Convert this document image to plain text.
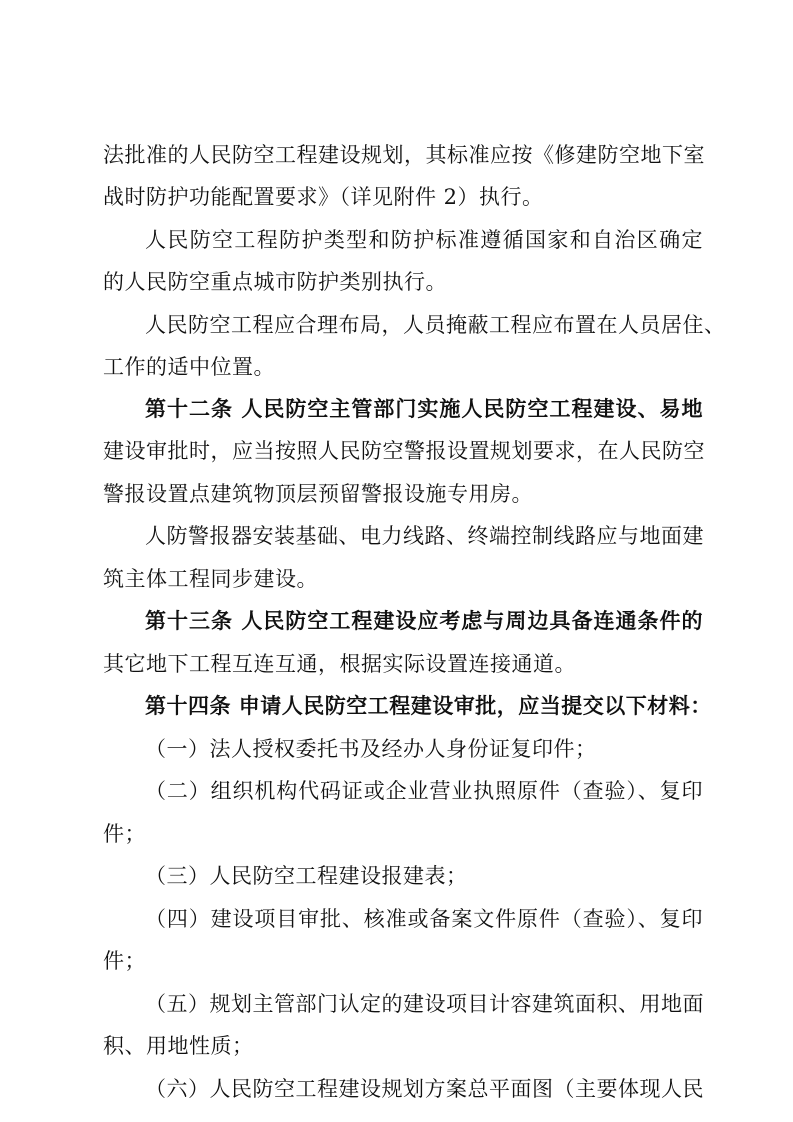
法批准的人民防空工程建设规划，其标准应按《修建防空地下室
战时防护功能配置要求》（详见附件 2）执行。
人民防空工程防护类型和防护标准遵循国家和自治区确定
的人民防空重点城市防护类别执行。
人民防空工程应合理布局，人员掩蔽工程应布置在人员居住、
工作的适中位置。
第十二条 人民防空主管部门实施人民防空工程建设、易地
建设审批时，应当按照人民防空警报设置规划要求，在人民防空
警报设置点建筑物顶层预留警报设施专用房。
人防警报器安装基础、电力线路、终端控制线路应与地面建
筑主体工程同步建设。
第十三条 人民防空工程建设应考虑与周边具备连通条件的
其它地下工程互连互通，根据实际设置连接通道。
第十四条 申请人民防空工程建设审批，应当提交以下材料：
（一）法人授权委托书及经办人身份证复印件；
（二）组织机构代码证或企业营业执照原件（查验）、复印
件；
（三）人民防空工程建设报建表；
（四）建设项目审批、核准或备案文件原件（查验）、复印
件；
（五）规划主管部门认定的建设项目计容建筑面积、用地面
积、用地性质；
（六）人民防空工程建设规划方案总平面图（主要体现人民
